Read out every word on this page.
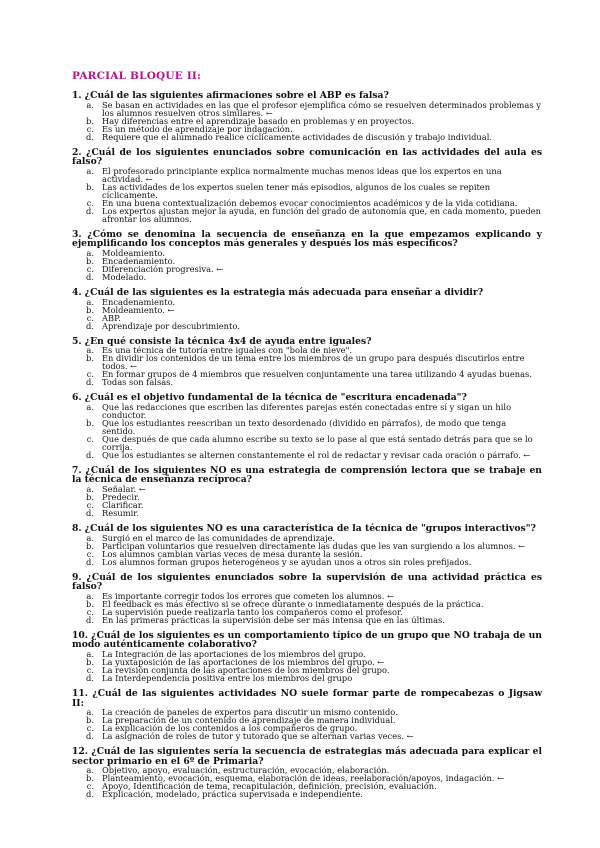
PARCIAL BLOQUE II:
1. ¿Cuál de las siguientes afirmaciones sobre el ABP es falsa?
a. Se basan en actividades en las que el profesor ejemplifica cómo se resuelven determinados problemas y los alumnos resuelven otros similares. ←
b. Hay diferencias entre el aprendizaje basado en problemas y en proyectos.
c. Es un método de aprendizaje por indagación.
d. Requiere que el alumnado realice cíclicamente actividades de discusión y trabajo individual.
2. ¿Cuál de los siguientes enunciados sobre comunicación en las actividades del aula es falso?
a. El profesorado principiante explica normalmente muchas menos ideas que los expertos en una actividad. ←
b. Las actividades de los expertos suelen tener más episodios, algunos de los cuales se repiten cíclicamente.
c. En una buena contextualización debemos evocar conocimientos académicos y de la vida cotidiana.
d. Los expertos ajustan mejor la ayuda, en función del grado de autonomía que, en cada momento, pueden afrontar los alumnos.
3. ¿Cómo se denomina la secuencia de enseñanza en la que empezamos explicando y ejemplificando los conceptos más generales y después los más específicos?
a. Moldeamiento.
b. Encadenamiento.
c. Diferenciación progresiva. ←
d. Modelado.
4. ¿Cuál de las siguientes es la estrategia más adecuada para enseñar a dividir?
a. Encadenamiento.
b. Moldeamiento. ←
c. ABP.
d. Aprendizaje por descubrimiento.
5. ¿En qué consiste la técnica 4x4 de ayuda entre iguales?
a. Es una técnica de tutoría entre iguales con "bola de nieve".
b. En dividir los contenidos de un tema entre los miembros de un grupo para después discutirlos entre todos. ←
c. En formar grupos de 4 miembros que resuelven conjuntamente una tarea utilizando 4 ayudas buenas.
d. Todas son falsas.
6. ¿Cuál es el objetivo fundamental de la técnica de "escritura encadenada"?
a. Que las redacciones que escriben las diferentes parejas estén conectadas entre sí y sigan un hilo conductor.
b. Que los estudiantes reescriban un texto desordenado (dividido en párrafos), de modo que tenga sentido.
c. Que después de que cada alumno escribe su texto se lo pase al que está sentado detrás para que se lo corrija.
d. Que los estudiantes se alternen constantemente el rol de redactar y revisar cada oración o párrafo. ←
7. ¿Cuál de los siguientes NO es una estrategia de comprensión lectora que se trabaje en la técnica de enseñanza recíproca?
a. Señalar. ←
b. Predecir.
c. Clarificar.
d. Resumir.
8. ¿Cuál de los siguientes NO es una característica de la técnica de "grupos interactivos"?
a. Surgió en el marco de las comunidades de aprendizaje.
b. Participan voluntarios que resuelven directamente las dudas que les van surgiendo a los alumnos. ←
c. Los alumnos cambian varias veces de mesa durante la sesión.
d. Los alumnos forman grupos heterogéneos y se ayudan unos a otros sin roles prefijados.
9. ¿Cuál de los siguientes enunciados sobre la supervisión de una actividad práctica es falso?
a. Es importante corregir todos los errores que cometen los alumnos. ←
b. El feedback es más efectivo si se ofrece durante o inmediatamente después de la práctica.
c. La supervisión puede realizarla tanto los compañeros como el profesor.
d. En las primeras prácticas la supervisión debe ser más intensa que en las últimas.
10. ¿Cuál de los siguientes es un comportamiento típico de un grupo que NO trabaja de un modo auténticamente colaborativo?
a. La Integración de las aportaciones de los miembros del grupo.
b. La yuxtaposición de las aportaciones de los miembros del grupo. ←
c. La revisión conjunta de las aportaciones de los miembros del grupo.
d. La Interdependencia positiva entre los miembros del grupo
11. ¿Cuál de las siguientes actividades NO suele formar parte de rompecabezas o Jigsaw II:
a. La creación de paneles de expertos para discutir un mismo contenido.
b. La preparación de un contenido de aprendizaje de manera individual.
c. La explicación de los contenidos a los compañeros de grupo.
d. La asignación de roles de tutor y tutorado que se alternan varias veces. ←
12. ¿Cuál de las siguientes sería la secuencia de estrategias más adecuada para explicar el sector primario en el 6º de Primaria?
a. Objetivo, apoyo, evaluación, estructuración, evocación, elaboración.
b. Planteamiento, evocación, esquema, elaboración de ideas, reelaboración/apoyos, indagación. ←
c. Apoyo, Identificación de tema, recapitulación, definición, precisión, evaluación.
d. Explicación, modelado, práctica supervisada e independiente.
